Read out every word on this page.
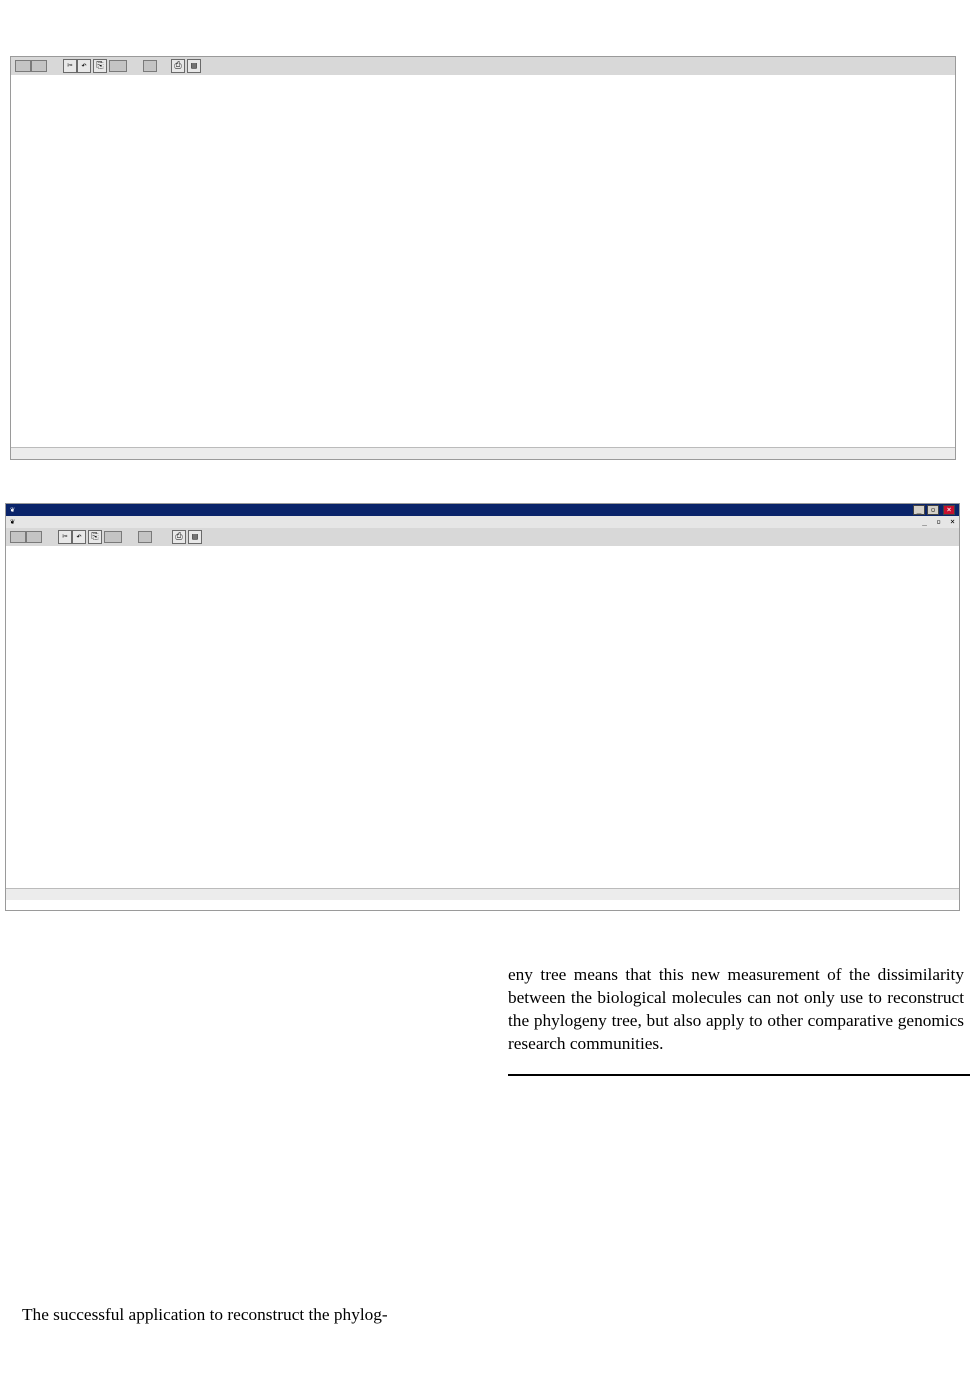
✂ ↶	⎘	⎙	▤
❦	_	▫	×
❦	_ ▫ ×
✂ ↶	⎘	⎙	▤
The successful application to reconstruct the phylog-
eny tree means that this new measurement of the dissimilarity between the biological molecules can not only use to reconstruct the phylogeny tree, but also apply to other comparative genomics research communities.
